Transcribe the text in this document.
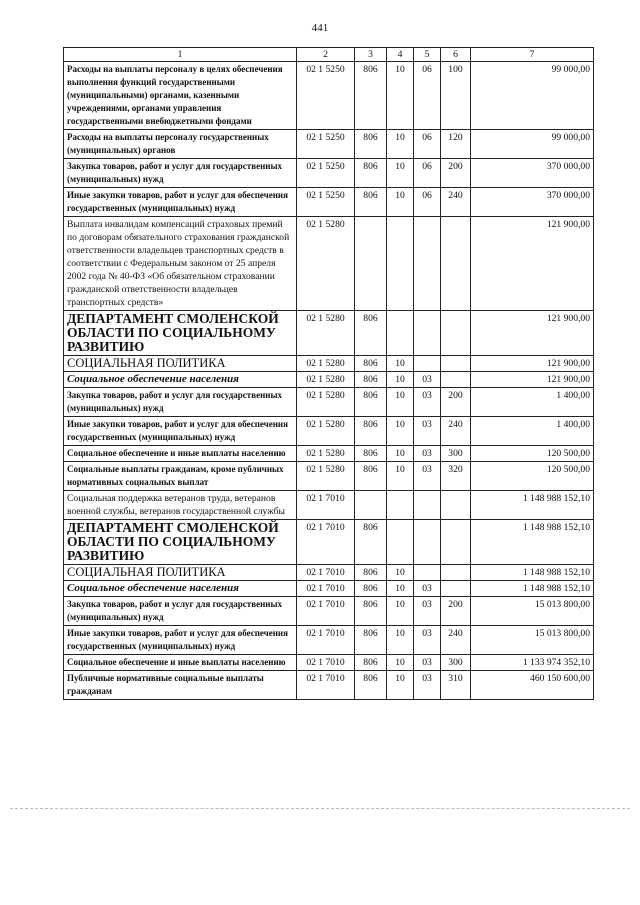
441
1	2	3	4	5	6	7
Расходы на выплаты персоналу в целях обеспечения выполнения функций государственными (муниципальными) органами, казенными учреждениями, органами управления государственными внебюджетными фондами	02 1 5250	806	10	06	100	99 000,00
Расходы на выплаты персоналу государственных (муниципальных) органов	02 1 5250	806	10	06	120	99 000,00
Закупка товаров, работ и услуг для государственных (муниципальных) нужд	02 1 5250	806	10	06	200	370 000,00
Иные закупки товаров, работ и услуг для обеспечения государственных (муниципальных) нужд	02 1 5250	806	10	06	240	370 000,00
Выплата инвалидам компенсаций страховых премий по договорам обязательного страхования гражданской ответственности владельцев транспортных средств в соответствии с Федеральным законом от 25 апреля 2002 года № 40-ФЗ «Об обязательном страховании гражданской ответственности владельцев транспортных средств»	02 1 5280					121 900,00
ДЕПАРТАМЕНТ СМОЛЕНСКОЙ ОБЛАСТИ ПО СОЦИАЛЬНОМУ РАЗВИТИЮ	02 1 5280	806				121 900,00
СОЦИАЛЬНАЯ ПОЛИТИКА	02 1 5280	806	10			121 900,00
Социальное обеспечение населения	02 1 5280	806	10	03		121 900,00
Закупка товаров, работ и услуг для государственных (муниципальных) нужд	02 1 5280	806	10	03	200	1 400,00
Иные закупки товаров, работ и услуг для обеспечения государственных (муниципальных) нужд	02 1 5280	806	10	03	240	1 400,00
Социальное обеспечение и иные выплаты населению	02 1 5280	806	10	03	300	120 500,00
Социальные выплаты гражданам, кроме публичных нормативных социальных выплат	02 1 5280	806	10	03	320	120 500,00
Социальная поддержка ветеранов труда, ветеранов военной службы, ветеранов государственной службы	02 1 7010					1 148 988 152,10
ДЕПАРТАМЕНТ СМОЛЕНСКОЙ ОБЛАСТИ ПО СОЦИАЛЬНОМУ РАЗВИТИЮ	02 1 7010	806				1 148 988 152,10
СОЦИАЛЬНАЯ ПОЛИТИКА	02 1 7010	806	10			1 148 988 152,10
Социальное обеспечение населения	02 1 7010	806	10	03		1 148 988 152,10
Закупка товаров, работ и услуг для государственных (муниципальных) нужд	02 1 7010	806	10	03	200	15 013 800,00
Иные закупки товаров, работ и услуг для обеспечения государственных (муниципальных) нужд	02 1 7010	806	10	03	240	15 013 800,00
Социальное обеспечение и иные выплаты населению	02 1 7010	806	10	03	300	1 133 974 352,10
Публичные нормативные социальные выплаты гражданам	02 1 7010	806	10	03	310	460 150 600,00
